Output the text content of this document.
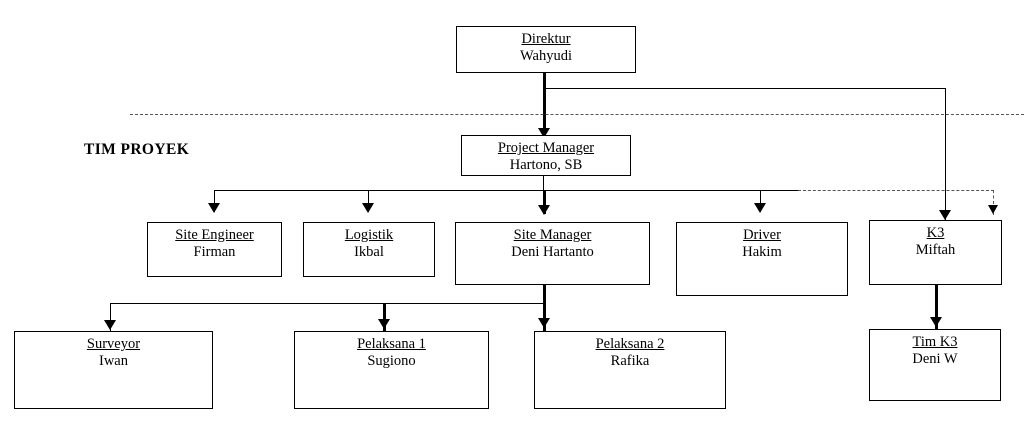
TIM PROYEK
Direktur
Wahyudi
Project Manager
Hartono, SB
Site Engineer
Firman
Logistik
Ikbal
Site Manager
Deni Hartanto
Driver
Hakim
K3
Miftah
Surveyor
Iwan
Pelaksana 1
Sugiono
Pelaksana 2
Rafika
Tim K3
Deni W
